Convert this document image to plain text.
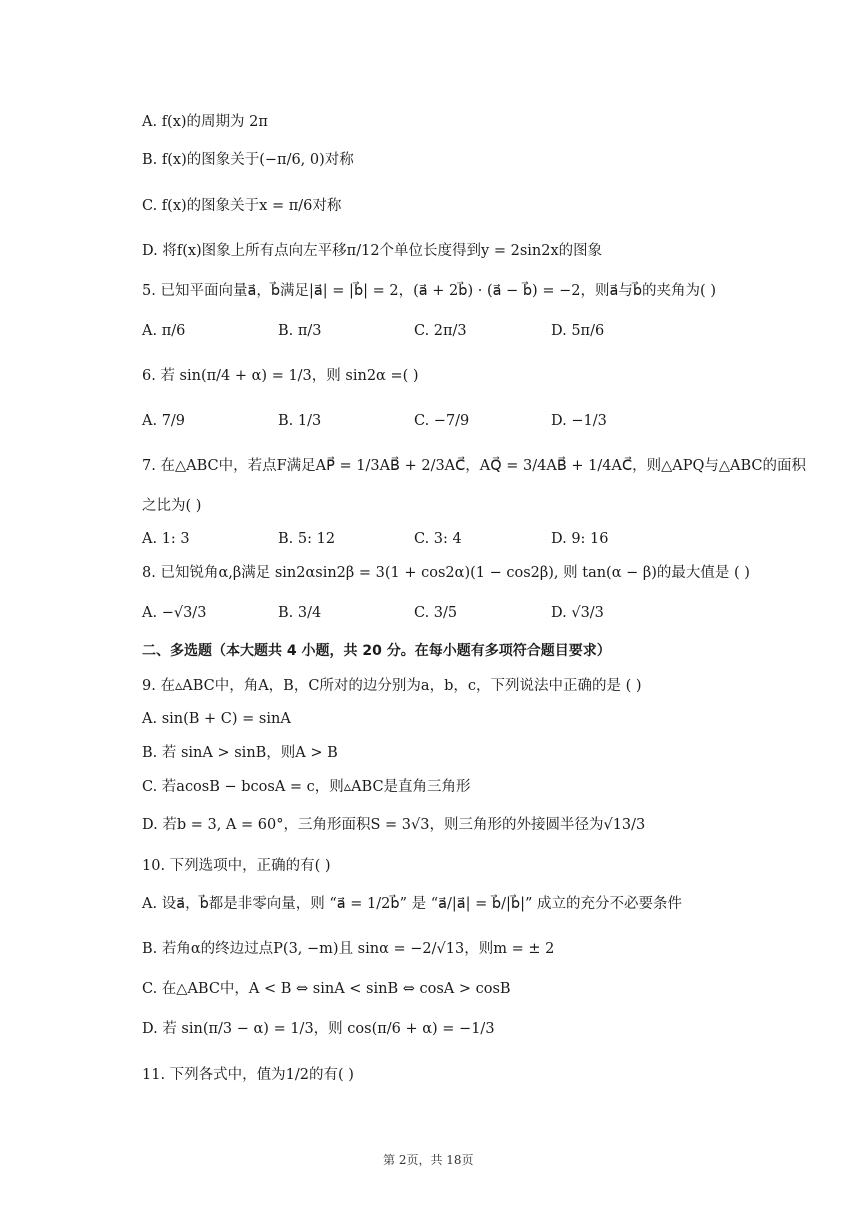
A. f(x)的周期为 2π
B. f(x)的图象关于(−π/6, 0)对称
C. f(x)的图象关于x = π/6对称
D. 将f(x)图象上所有点向左平移π/12个单位长度得到y = 2sin2x的图象
5. 已知平面向量a⃗，b⃗满足|a⃗| = |b⃗| = 2，(a⃗ + 2b⃗) · (a⃗ − b⃗) = −2，则a⃗与b⃗的夹角为( )
A. π/6	B. π/3	C. 2π/3	D. 5π/6
6. 若 sin(π/4 + α) = 1/3，则 sin2α =( )
A. 7/9	B. 1/3	C. −7/9	D. −1/3
7. 在△ABC中，若点F满足AP⃗ = 1/3AB⃗ + 2/3AC⃗，AQ⃗ = 3/4AB⃗ + 1/4AC⃗，则△APQ与△ABC的面积
之比为( )
A. 1: 3	B. 5: 12	C. 3: 4	D. 9: 16
8. 已知锐角α,β满足 sin2αsin2β = 3(1 + cos2α)(1 − cos2β), 则 tan(α − β)的最大值是 ( )
A. −√3/3	B. 3/4	C. 3/5	D. √3/3
二、多选题（本大题共 4 小题，共 20 分。在每小题有多项符合题目要求）
9. 在▵ABC中，角A，B，C所对的边分别为a，b，c，下列说法中正确的是 ( )
A. sin(B + C) = sinA
B. 若 sinA > sinB，则A > B
C. 若acosB − bcosA = c，则▵ABC是直角三角形
D. 若b = 3, A = 60°，三角形面积S = 3√3，则三角形的外接圆半径为√13/3
10. 下列选项中，正确的有( )
A. 设a⃗，b⃗都是非零向量，则 “a⃗ = 1/2b⃗” 是 “a⃗/|a⃗| = b⃗/|b⃗|” 成立的充分不必要条件
B. 若角α的终边过点P(3, −m)且 sinα = −2/√13，则m = ± 2
C. 在△ABC中，A < B ⇔ sinA < sinB ⇔ cosA > cosB
D. 若 sin(π/3 − α) = 1/3，则 cos(π/6 + α) = −1/3
11. 下列各式中，值为1/2的有( )
第 2页，共 18页
